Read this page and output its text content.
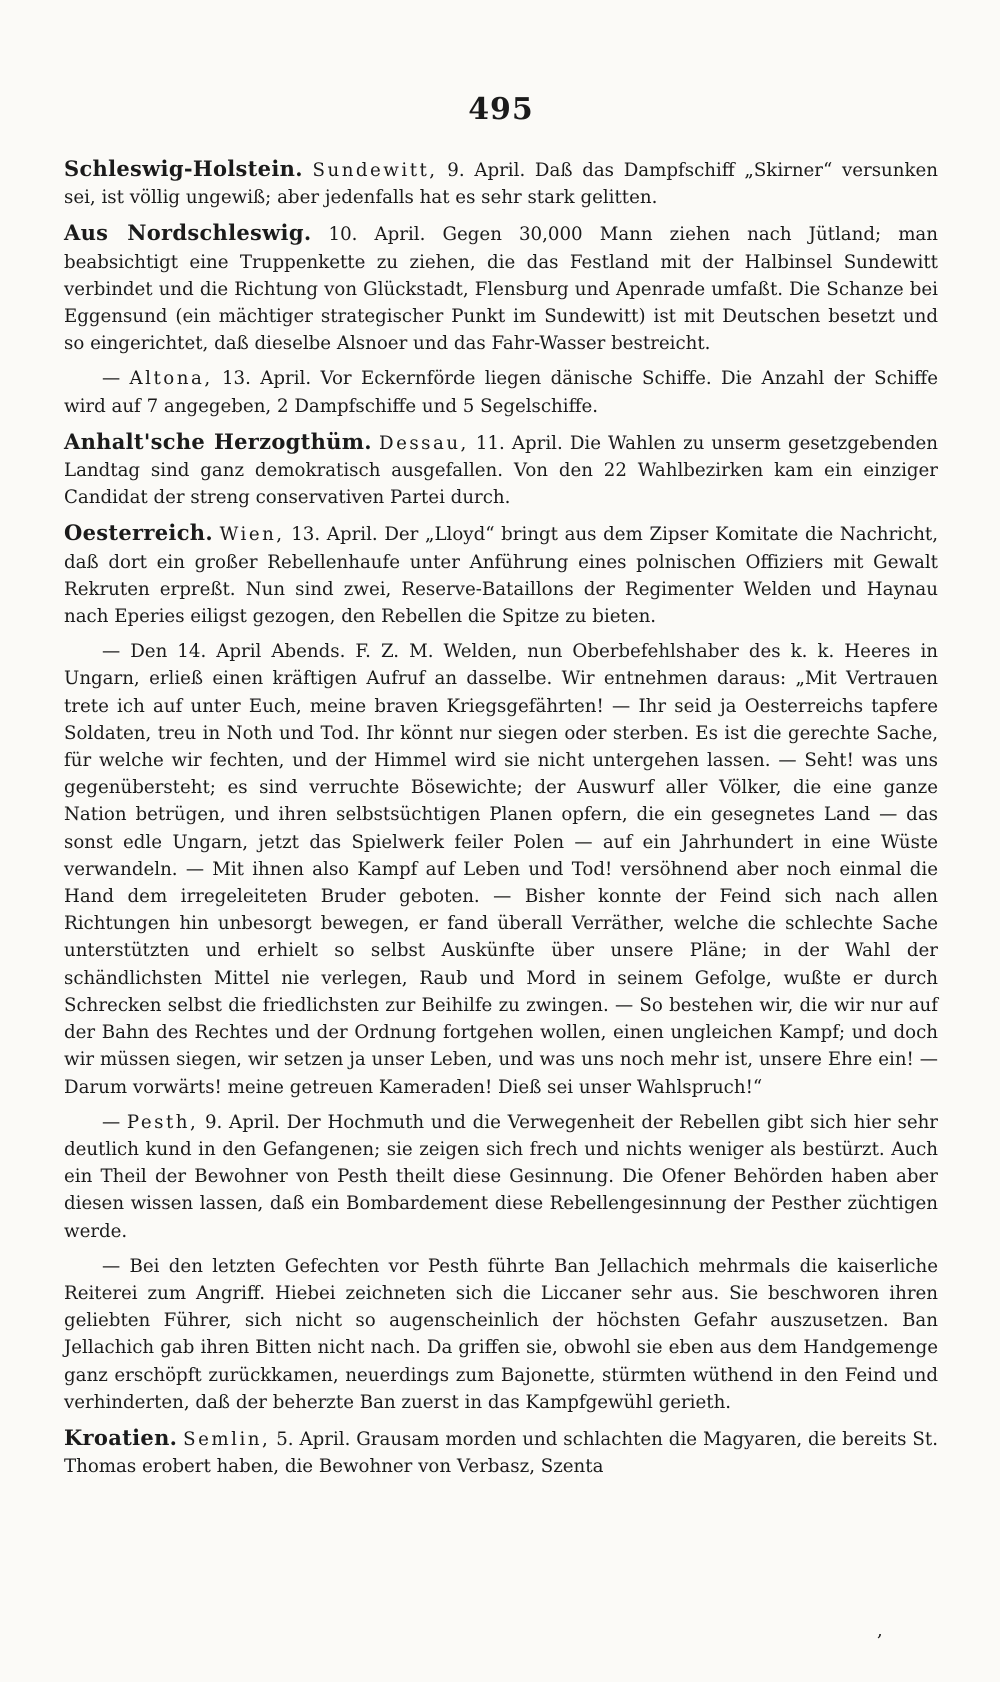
495

Schleswig-Holstein. Sundewitt, 9. April. Daß das Dampfschiff „Skirner“ versunken sei, ist völlig ungewiß; aber jedenfalls hat es sehr stark gelitten.

Aus Nordschleswig. 10. April. Gegen 30,000 Mann ziehen nach Jütland; man beabsichtigt eine Truppenkette zu ziehen, die das Festland mit der Halbinsel Sundewitt verbindet und die Richtung von Glückstadt, Flensburg und Apenrade umfaßt. Die Schanze bei Eggensund (ein mächtiger strategischer Punkt im Sundewitt) ist mit Deutschen besetzt und so eingerichtet, daß dieselbe Alsnoer und das Fahr-Wasser bestreicht.

— Altona, 13. April. Vor Eckernförde liegen dänische Schiffe. Die Anzahl der Schiffe wird auf 7 angegeben, 2 Dampfschiffe und 5 Segelschiffe.

Anhalt'sche Herzogthüm. Dessau, 11. April. Die Wahlen zu unserm gesetzgebenden Landtag sind ganz demokratisch ausgefallen. Von den 22 Wahlbezirken kam ein einziger Candidat der streng conservativen Partei durch.

Oesterreich. Wien, 13. April. Der „Lloyd“ bringt aus dem Zipser Komitate die Nachricht, daß dort ein großer Rebellenhaufe unter Anführung eines polnischen Offiziers mit Gewalt Rekruten erpreßt. Nun sind zwei, Reserve-Bataillons der Regimenter Welden und Haynau nach Eperies eiligst gezogen, den Rebellen die Spitze zu bieten.

— Den 14. April Abends. F. Z. M. Welden, nun Oberbefehlshaber des k. k. Heeres in Ungarn, erließ einen kräftigen Aufruf an dasselbe. Wir entnehmen daraus: „Mit Vertrauen trete ich auf unter Euch, meine braven Kriegsgefährten! — Ihr seid ja Oesterreichs tapfere Soldaten, treu in Noth und Tod. Ihr könnt nur siegen oder sterben. Es ist die gerechte Sache, für welche wir fechten, und der Himmel wird sie nicht untergehen lassen. — Seht! was uns gegenübersteht; es sind verruchte Bösewichte; der Auswurf aller Völker, die eine ganze Nation betrügen, und ihren selbstsüchtigen Planen opfern, die ein gesegnetes Land — das sonst edle Ungarn, jetzt das Spielwerk feiler Polen — auf ein Jahrhundert in eine Wüste verwandeln. — Mit ihnen also Kampf auf Leben und Tod! versöhnend aber noch einmal die Hand dem irregeleiteten Bruder geboten. — Bisher konnte der Feind sich nach allen Richtungen hin unbesorgt bewegen, er fand überall Verräther, welche die schlechte Sache unterstützten und erhielt so selbst Auskünfte über unsere Pläne; in der Wahl der schändlichsten Mittel nie verlegen, Raub und Mord in seinem Gefolge, wußte er durch Schrecken selbst die friedlichsten zur Beihilfe zu zwingen. — So bestehen wir, die wir nur auf der Bahn des Rechtes und der Ordnung fortgehen wollen, einen ungleichen Kampf; und doch wir müssen siegen, wir setzen ja unser Leben, und was uns noch mehr ist, unsere Ehre ein! — Darum vorwärts! meine getreuen Kameraden! Dieß sei unser Wahlspruch!“

— Pesth, 9. April. Der Hochmuth und die Verwegenheit der Rebellen gibt sich hier sehr deutlich kund in den Gefangenen; sie zeigen sich frech und nichts weniger als bestürzt. Auch ein Theil der Bewohner von Pesth theilt diese Gesinnung. Die Ofener Behörden haben aber diesen wissen lassen, daß ein Bombardement diese Rebellengesinnung der Pesther züchtigen werde.

— Bei den letzten Gefechten vor Pesth führte Ban Jellachich mehrmals die kaiserliche Reiterei zum Angriff. Hiebei zeichneten sich die Liccaner sehr aus. Sie beschworen ihren geliebten Führer, sich nicht so augenscheinlich der höchsten Gefahr auszusetzen. Ban Jellachich gab ihren Bitten nicht nach. Da griffen sie, obwohl sie eben aus dem Handgemenge ganz erschöpft zurückkamen, neuerdings zum Bajonette, stürmten wüthend in den Feind und verhinderten, daß der beherzte Ban zuerst in das Kampfgewühl gerieth.

Kroatien. Semlin, 5. April. Grausam morden und schlachten die Magyaren, die bereits St. Thomas erobert haben, die Bewohner von Verbasz, Szenta

,
